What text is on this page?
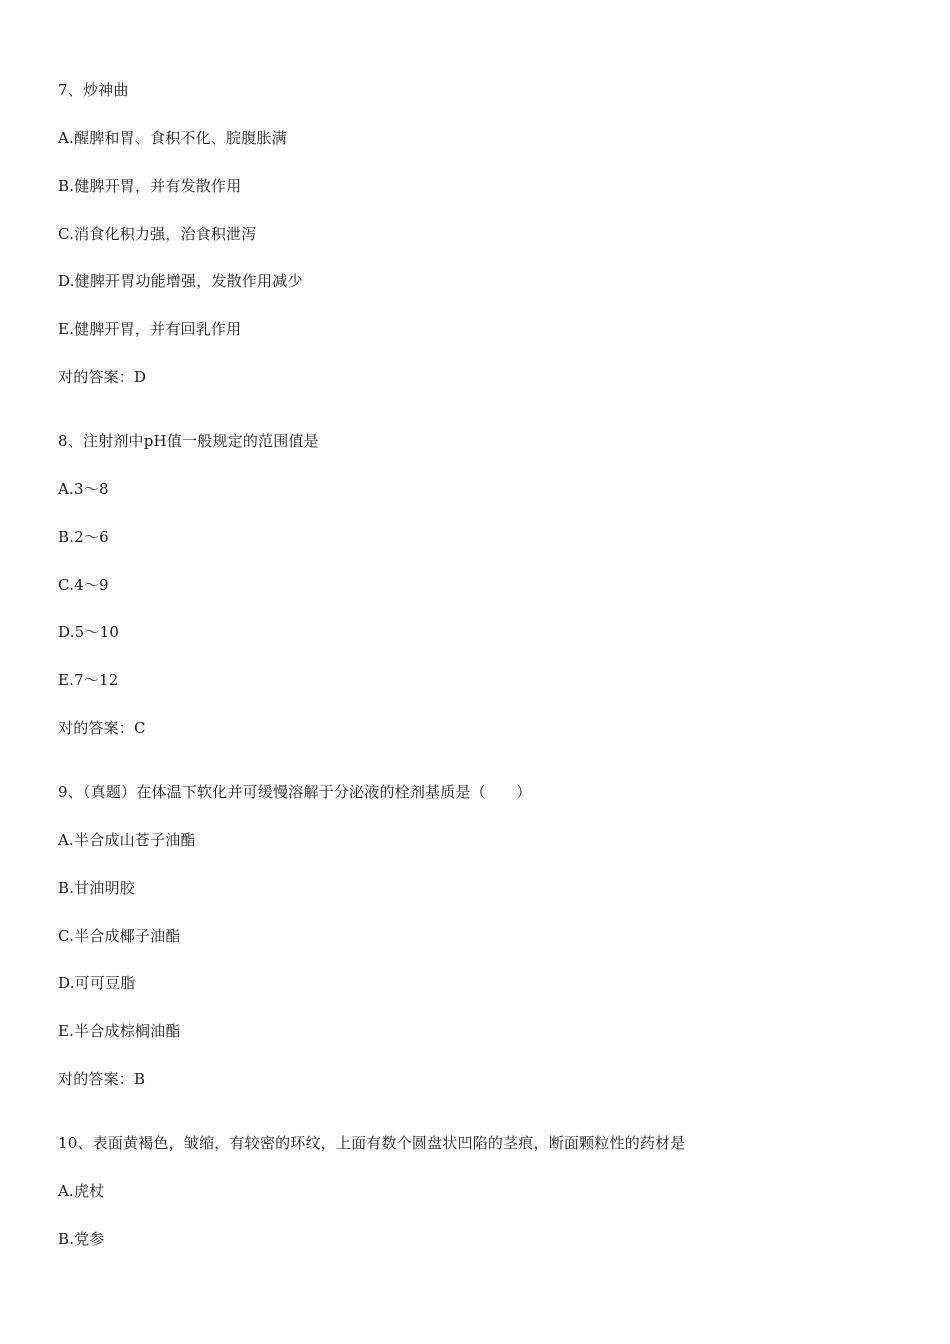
7、炒神曲
A.醒脾和胃、食积不化、脘腹胀满
B.健脾开胃，并有发散作用
C.消食化积力强，治食积泄泻
D.健脾开胃功能增强，发散作用减少
E.健脾开胃，并有回乳作用
对的答案：D
8、注射剂中pH值一般规定的范围值是
A.3～8
B.2～6
C.4～9
D.5～10
E.7～12
对的答案：C
9、（真题）在体温下软化并可缓慢溶解于分泌液的栓剂基质是（　　）
A.半合成山苍子油酯
B.甘油明胶
C.半合成椰子油酯
D.可可豆脂
E.半合成棕榈油酯
对的答案：B
10、表面黄褐色，皱缩，有较密的环纹，上面有数个圆盘状凹陷的茎痕，断面颗粒性的药材是
A.虎杖
B.党参
